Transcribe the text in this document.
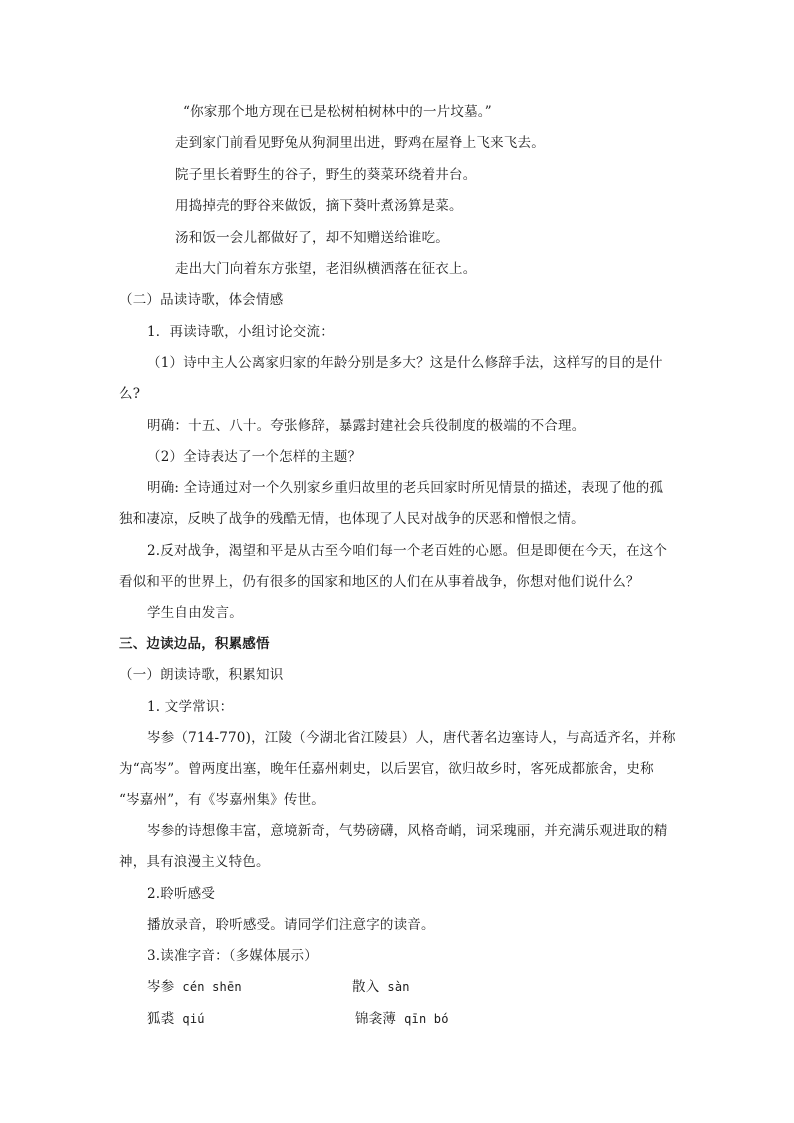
“你家那个地方现在已是松树柏树林中的一片坟墓。”
走到家门前看见野兔从狗洞里出进，野鸡在屋脊上飞来飞去。
院子里长着野生的谷子，野生的葵菜环绕着井台。
用捣掉壳的野谷来做饭，摘下葵叶煮汤算是菜。
汤和饭一会儿都做好了，却不知赠送给谁吃。
走出大门向着东方张望，老泪纵横洒落在征衣上。
（二）品读诗歌，体会情感
1．再读诗歌，小组讨论交流：
（1）诗中主人公离家归家的年龄分别是多大？这是什么修辞手法，这样写的目的是什
么?
明确：十五、八十。夸张修辞，暴露封建社会兵役制度的极端的不合理。
（2）全诗表达了一个怎样的主题？
明确: 全诗通过对一个久别家乡重归故里的老兵回家时所见情景的描述，表现了他的孤
独和凄凉，反映了战争的残酷无情，也体现了人民对战争的厌恶和憎恨之情。
2.反对战争，渴望和平是从古至今咱们每一个老百姓的心愿。但是即便在今天，在这个
看似和平的世界上，仍有很多的国家和地区的人们在从事着战争，你想对他们说什么？
学生自由发言。
三、边读边品，积累感悟
（一）朗读诗歌，积累知识
1. 文学常识：
岑参（714-770)，江陵（今湖北省江陵县）人，唐代著名边塞诗人，与高适齐名，并称
为“高岑”。曾两度出塞，晚年任嘉州刺史，以后罢官，欲归故乡时，客死成都旅舍，史称
“岑嘉州”，有《岑嘉州集》传世。
岑参的诗想像丰富，意境新奇，气势磅礴，风格奇峭，词采瑰丽，并充满乐观进取的精
神，具有浪漫主义特色。
2.聆听感受
播放录音，聆听感受。请同学们注意字的读音。
3.读准字音：（多媒体展示）
岑参 cén shēn	散入 sàn
狐裘 qiú	锦衾薄 qīn bó
